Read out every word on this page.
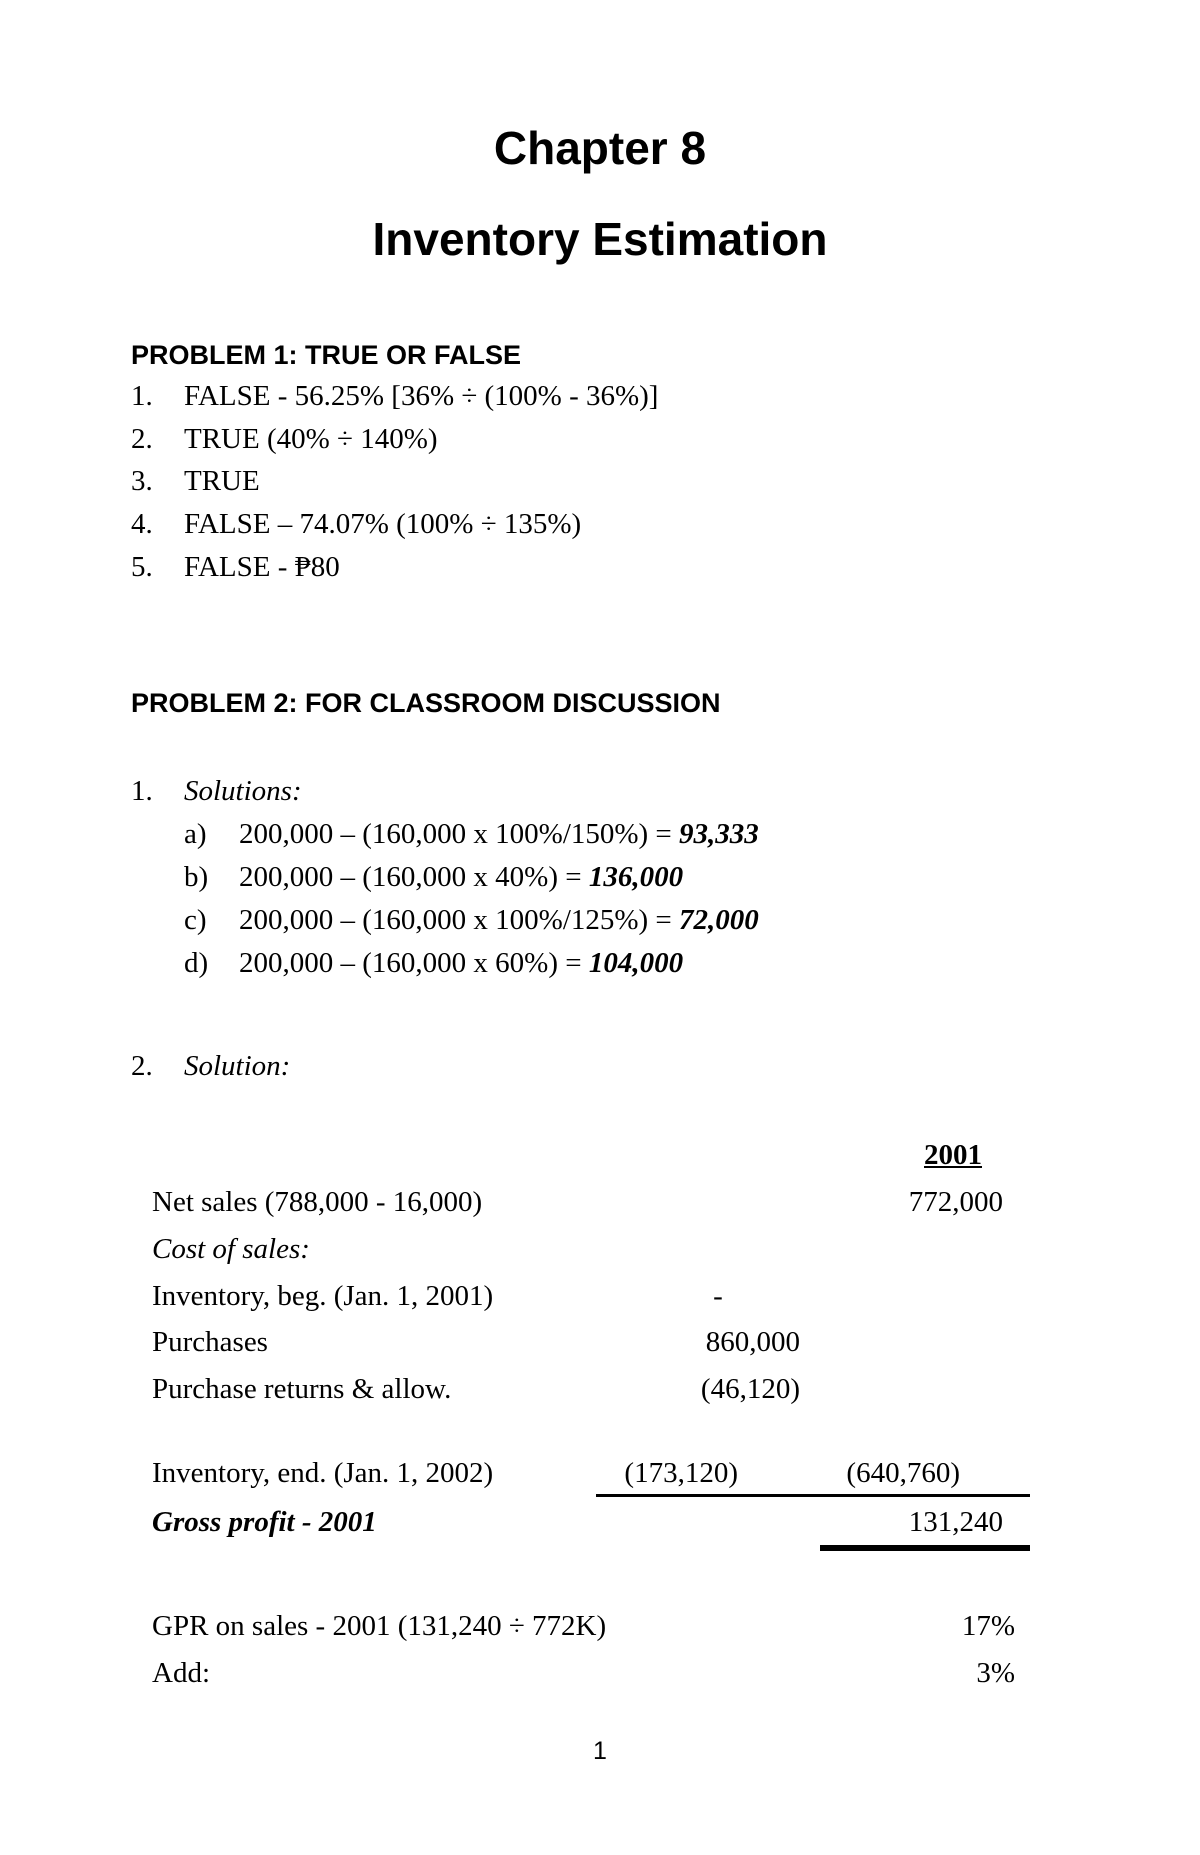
Chapter 8
Inventory Estimation
PROBLEM 1: TRUE OR FALSE
1. FALSE - 56.25% [36% ÷ (100% - 36%)]
2. TRUE (40% ÷ 140%)
3. TRUE
4. FALSE – 74.07% (100% ÷ 135%)
5. FALSE - ₱80
PROBLEM 2: FOR CLASSROOM DISCUSSION
1. Solutions:
a) 200,000 – (160,000 x 100%/150%) = 93,333
b) 200,000 – (160,000 x 40%) = 136,000
c) 200,000 – (160,000 x 100%/125%) = 72,000
d) 200,000 – (160,000 x 60%) = 104,000
2. Solution:
2001
Net sales (788,000 - 16,000)	772,000
Cost of sales:
Inventory, beg. (Jan. 1, 2001)	-
Purchases	860,000
Purchase returns & allow.	(46,120)
Inventory, end. (Jan. 1, 2002)	(173,120)	(640,760)
Gross profit - 2001	131,240
GPR on sales - 2001 (131,240 ÷ 772K)	17%
Add:	3%
1
